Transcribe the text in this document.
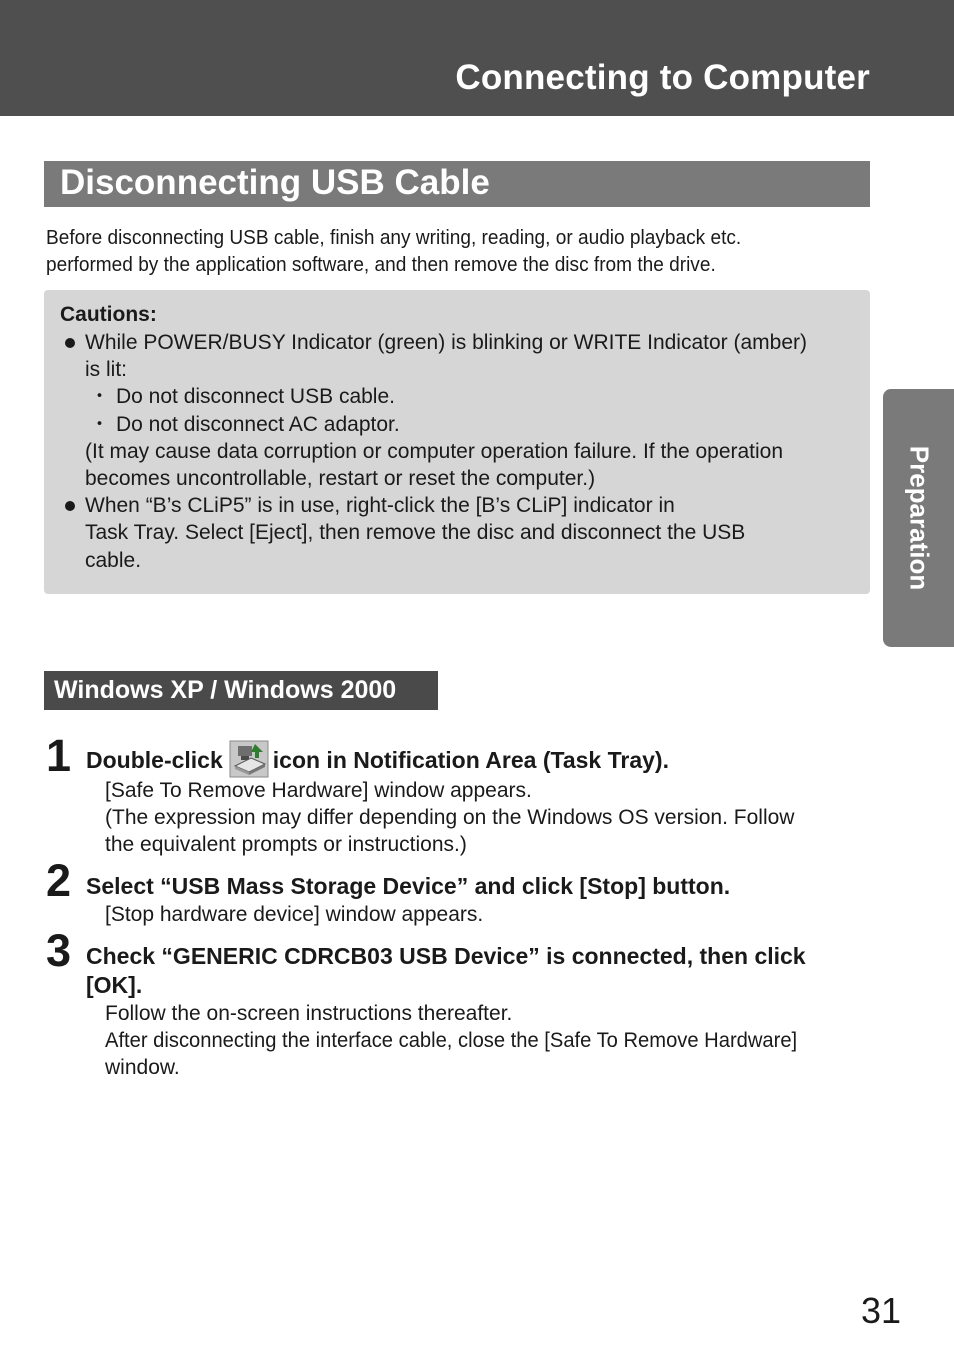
Connecting to Computer
Disconnecting USB Cable
Before disconnecting USB cable, finish any writing, reading, or audio playback etc.
performed by the application software, and then remove the disc from the drive.
Cautions:
While POWER/BUSY Indicator (green) is blinking or WRITE Indicator (amber)
is lit:
・ Do not disconnect USB cable.
・ Do not disconnect AC adaptor.
(It may cause data corruption or computer operation failure. If the operation
becomes uncontrollable, restart or reset the computer.)
When “B’s CLiP5” is in use, right-click the [B’s CLiP] indicator in
Task Tray. Select [Eject], then remove the disc and disconnect the USB
cable.
Windows XP / Windows 2000
1 Double-click icon in Notification Area (Task Tray).
[Safe To Remove Hardware] window appears.
(The expression may differ depending on the Windows OS version. Follow
the equivalent prompts or instructions.)
2 Select “USB Mass Storage Device” and click [Stop] button.
[Stop hardware device] window appears.
3 Check “GENERIC CDRCB03 USB Device” is connected, then click
[OK].
Follow the on-screen instructions thereafter.
After disconnecting the interface cable, close the [Safe To Remove Hardware]
window.
Preparation
31
